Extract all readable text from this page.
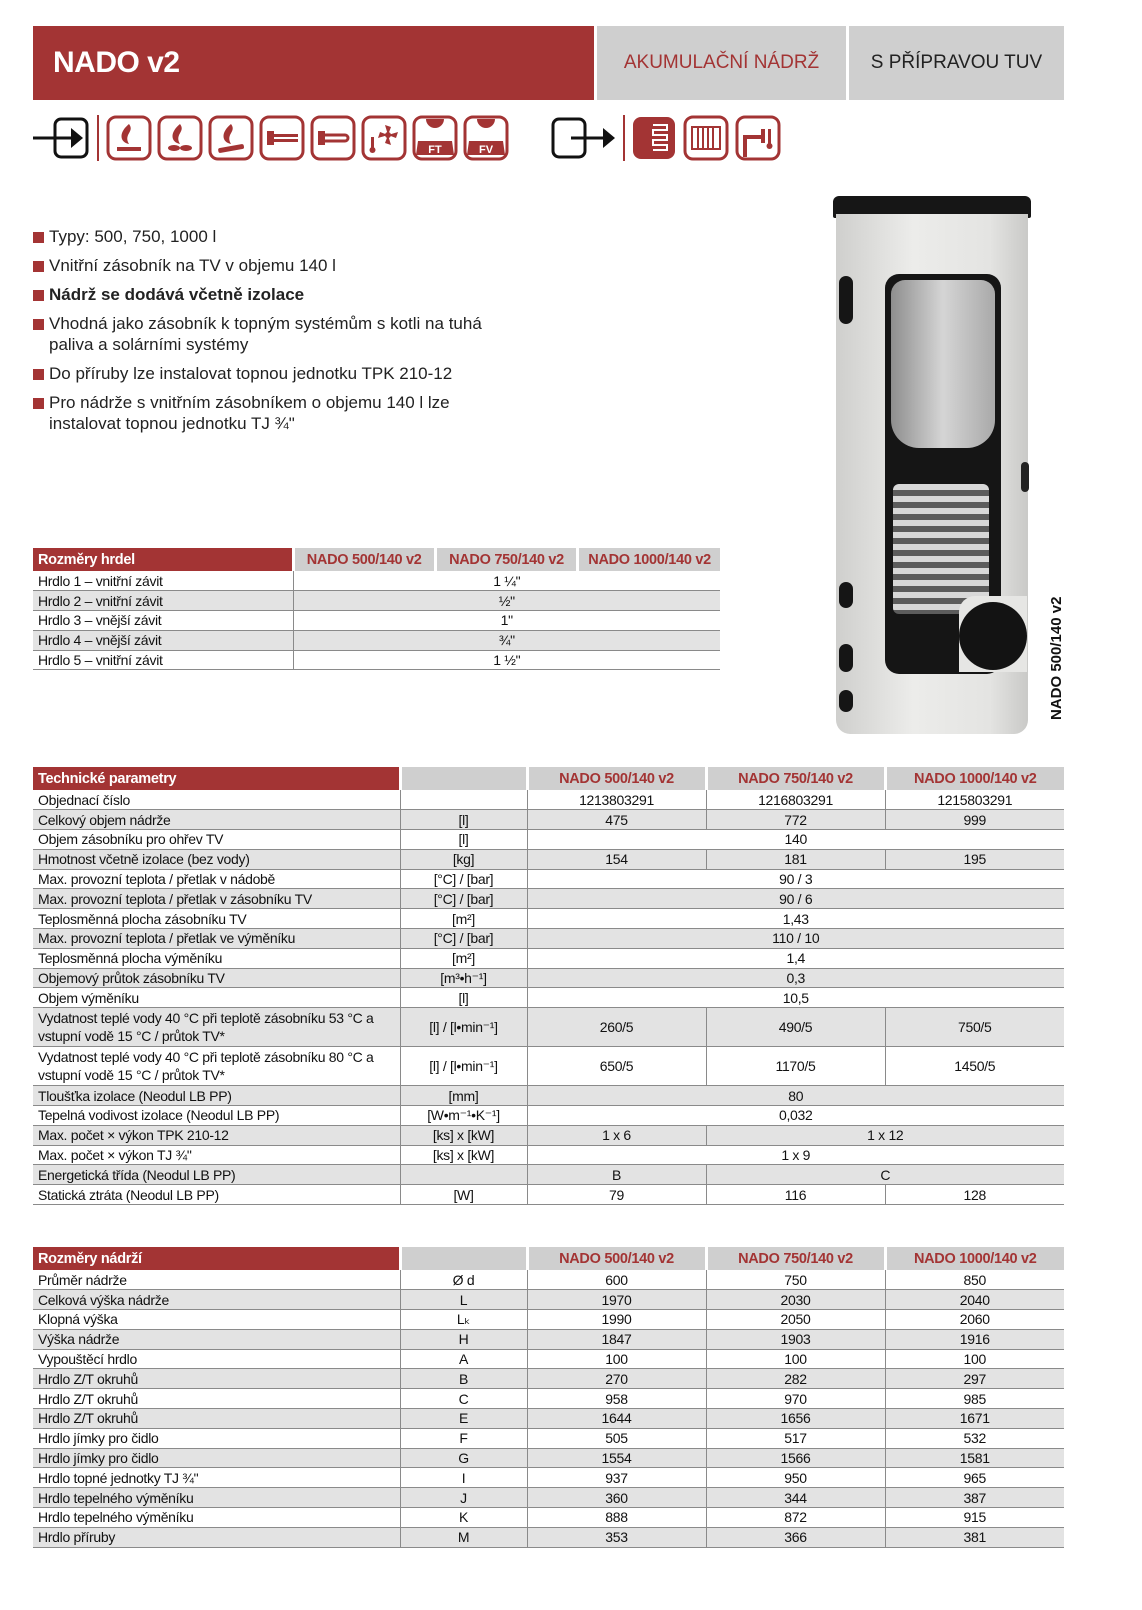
NADO v2	AKUMULAČNÍ NÁDRŽ	S PŘÍPRAVOU TUV
FT	FV
Typy: 500, 750, 1000 l
Vnitřní zásobník na TV v objemu 140 l
Nádrž se dodává včetně izolace
Vhodná jako zásobník k topným systémům s kotli na tuhá paliva a solárními systémy
Do příruby lze instalovat topnou jednotku TPK 210-12
Pro nádrže s vnitřním zásobníkem o objemu 140 l lze instalovat topnou jednotku TJ ¾"
Rozměry hrdel	NADO 500/140 v2	NADO 750/140 v2	NADO 1000/140 v2
Hrdlo 1 – vnitřní závit	1 ¼"		
Hrdlo 2 – vnitřní závit	½"		
Hrdlo 3 – vnější závit	1"		
Hrdlo 4 – vnější závit	¾"		
Hrdlo 5 – vnitřní závit	1 ½"		
Technické parametry		NADO 500/140 v2	NADO 750/140 v2	NADO 1000/140 v2
Objednací číslo		1213803291	1216803291	1215803291
Celkový objem nádrže	[l]	475	772	999
Objem zásobníku pro ohřev TV	[l]	140		
Hmotnost včetně izolace (bez vody)	[kg]	154	181	195
Max. provozní teplota / přetlak v nádobě	[°C] / [bar]	90 / 3		
Max. provozní teplota / přetlak v zásobníku TV	[°C] / [bar]	90 / 6		
Teplosměnná plocha zásobníku TV	[m²]	1,43		
Max. provozní teplota / přetlak ve výměníku	[°C] / [bar]	110 / 10		
Teplosměnná plocha výměníku	[m²]	1,4		
Objemový průtok zásobníku TV	[m³•h⁻¹]	0,3		
Objem výměníku	[l]	10,5		
Vydatnost teplé vody 40 °C při teplotě zásobníku 53 °C a vstupní vodě 15 °C / průtok TV*	[l] / [l•min⁻¹]	260/5	490/5	750/5
Vydatnost teplé vody 40 °C při teplotě zásobníku 80 °C a vstupní vodě 15 °C / průtok TV*	[l] / [l•min⁻¹]	650/5	1170/5	1450/5
Tloušťka izolace (Neodul LB PP)	[mm]	80		
Tepelná vodivost izolace (Neodul LB PP)	[W•m⁻¹•K⁻¹]	0,032		
Max. počet × výkon TPK 210-12	[ks] x [kW]	1 x 6	1 x 12	
Max. počet × výkon TJ ¾"	[ks] x [kW]	1 x 9		
Energetická třída (Neodul LB PP)		B	C	
Statická ztráta (Neodul LB PP)	[W]	79	116	128
Rozměry nádrží		NADO 500/140 v2	NADO 750/140 v2	NADO 1000/140 v2
Průměr nádrže	Ø d	600	750	850
Celková výška nádrže	L	1970	2030	2040
Klopná výška	Lₖ	1990	2050	2060
Výška nádrže	H	1847	1903	1916
Vypouštěcí hrdlo	A	100	100	100
Hrdlo Z/T okruhů	B	270	282	297
Hrdlo Z/T okruhů	C	958	970	985
Hrdlo Z/T okruhů	E	1644	1656	1671
Hrdlo jímky pro čidlo	F	505	517	532
Hrdlo jímky pro čidlo	G	1554	1566	1581
Hrdlo topné jednotky TJ ¾"	I	937	950	965
Hrdlo tepelného výměníku	J	360	344	387
Hrdlo tepelného výměníku	K	888	872	915
Hrdlo příruby	M	353	366	381
NADO 500/140 v2
